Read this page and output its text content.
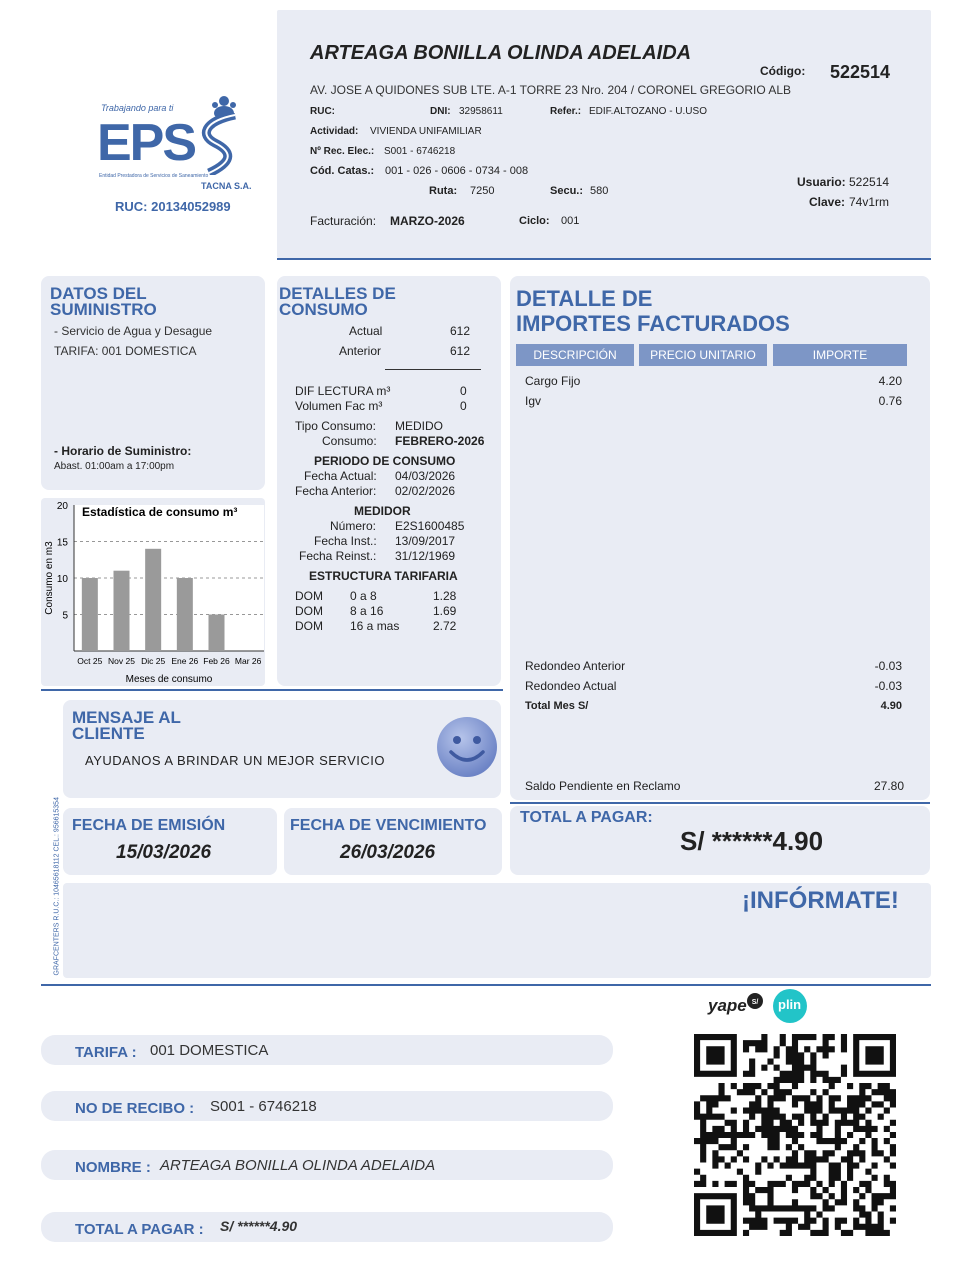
ARTEAGA BONILLA OLINDA ADELAIDA
Código: 522514
AV. JOSE A QUIDONES SUB LTE. A-1 TORRE 23 Nro. 204 / CORONEL GREGORIO ALB
RUC:	DNI: 32958611	Refer.: EDIF.ALTOZANO - U.USO
Actividad: VIVIENDA UNIFAMILIAR
Nº Rec. Elec.: S001 - 6746218
Cód. Catas.: 001 - 026 - 0606 - 0734 - 008
Ruta: 7250	Secu.: 580
Usuario: 522514
Clave: 74v1rm
Facturación: MARZO-2026	Ciclo: 001
Trabajando para ti
EPS
Entidad Prestadora de Servicios de Saneamiento
TACNA S.A.
RUC: 20134052989
DATOS DEL
SUMINISTRO
- Servicio de Agua y Desague
TARIFA: 001 DOMESTICA
- Horario de Suministro:
Abast. 01:00am a 17:00pm
20
15
10
5
Oct 25 Nov 25 Dic 25 Ene 26 Feb 26 Mar 26
Estadística de consumo m³
Meses de consumo
Consumo en m3
DETALLES DE
CONSUMO
Actual	612
Anterior	612
DIF LECTURA m³	0
Volumen Fac m³	0
Tipo Consumo: MEDIDO
Consumo: FEBRERO-2026
PERIODO DE CONSUMO
Fecha Actual: 04/03/2026
Fecha Anterior: 02/02/2026
MEDIDOR
Número: E2S1600485
Fecha Inst.: 13/09/2017
Fecha Reinst.: 31/12/1969
ESTRUCTURA TARIFARIA
DOM 0 a 8	1.28
DOM 8 a 16	1.69
DOM 16 a mas	2.72
DETALLE DE
IMPORTES FACTURADOS
DESCRIPCIÓN	PRECIO UNITARIO	IMPORTE
Cargo Fijo	4.20
Igv	0.76
Redondeo Anterior	-0.03
Redondeo Actual	-0.03
Total Mes S/	4.90
Saldo Pendiente en Reclamo	27.80
MENSAJE AL
CLIENTE
AYUDANOS A BRINDAR UN MEJOR SERVICIO
GRAFCENTERS R.U.C.: 10465618112 CEL.: 956615354 FECHA DE EMISIÓN
15/03/2026
FECHA DE VENCIMIENTO
26/03/2026
TOTAL A PAGAR:
S/ ******4.90
¡INFÓRMATE!
yape S/ plin
TARIFA : 001 DOMESTICA
NO DE RECIBO : S001 - 6746218
NOMBRE : ARTEAGA BONILLA OLINDA ADELAIDA
TOTAL A PAGAR : S/ ******4.90
